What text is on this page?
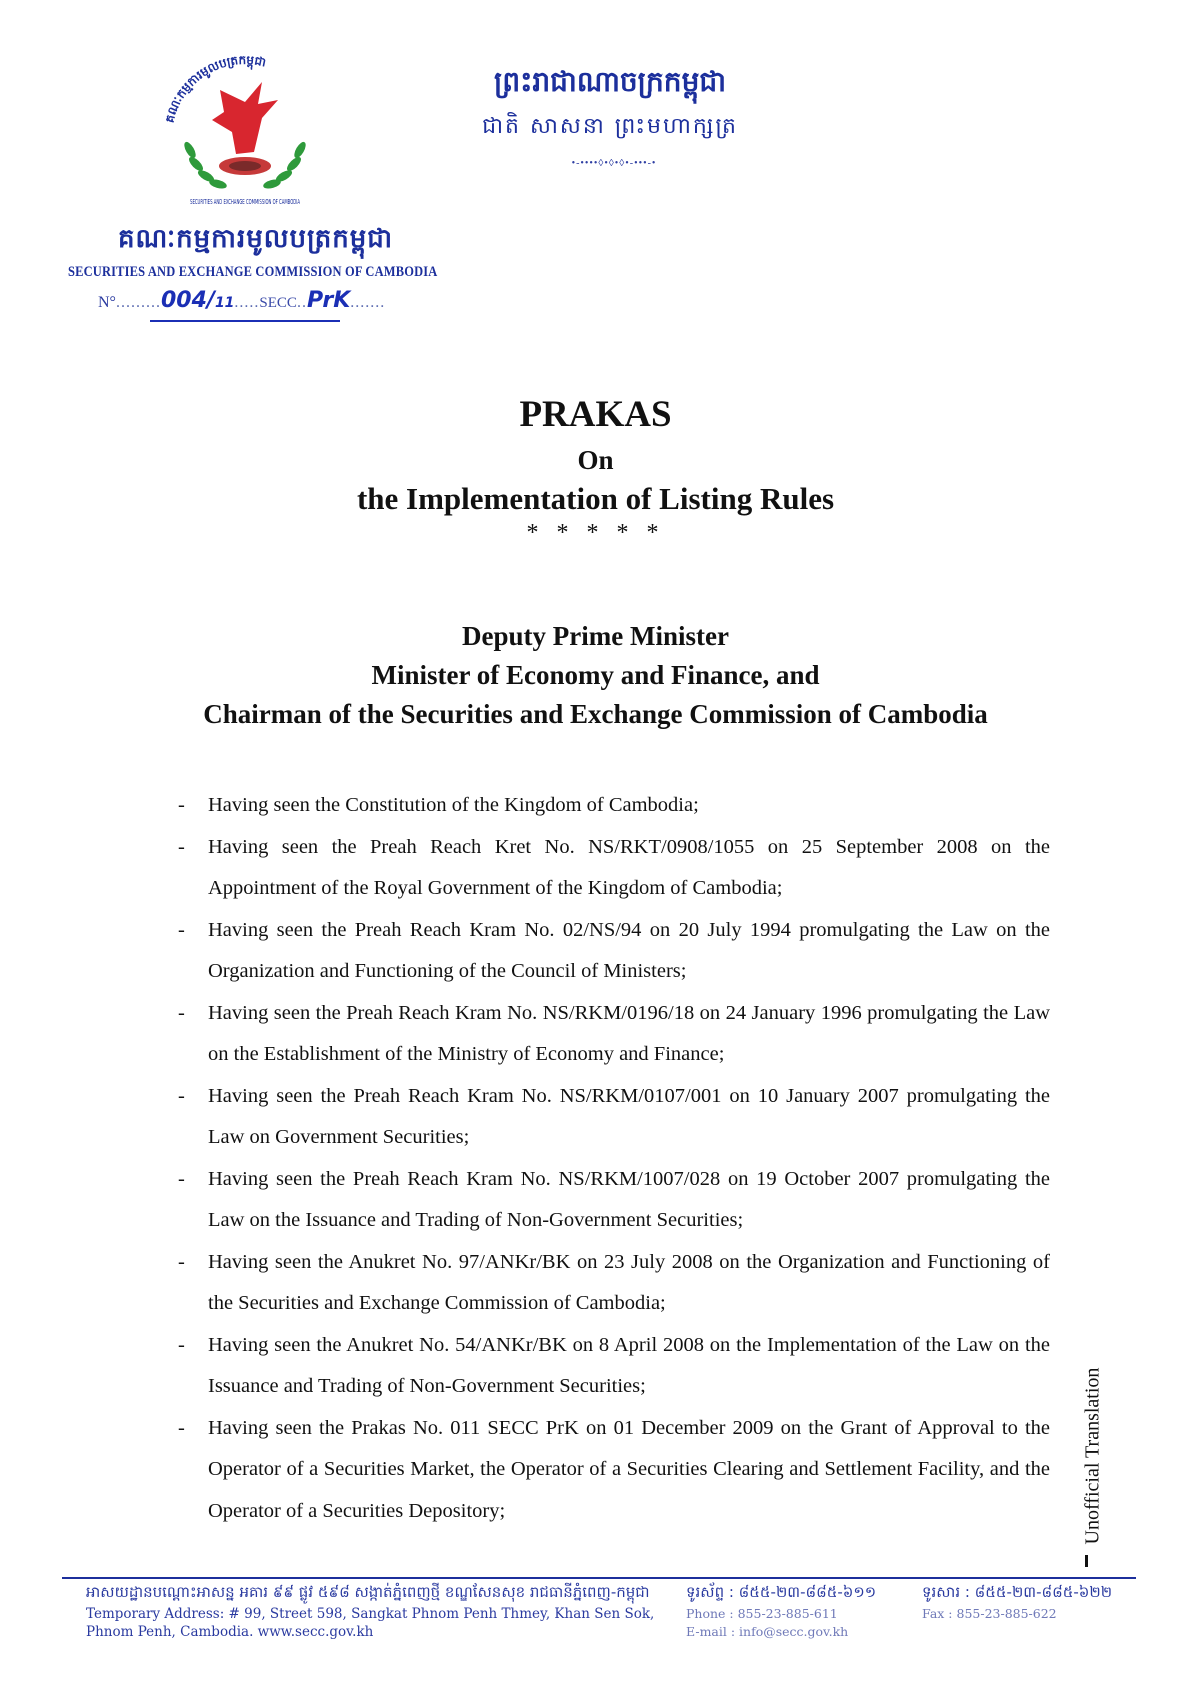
គណៈកម្មការមូលបត្រកម្ពុជា
SECURITIES AND EXCHANGE COMMISSION OF CAMBODIA
គណៈកម្មការមូលបត្រកម្ពុជា
SECURITIES AND EXCHANGE COMMISSION OF CAMBODIA
N°.........004/11.....SECC..PrK.......
ព្រះរាជាណាចក្រកម្ពុជា
ជាតិ សាសនា ព្រះមហាក្សត្រ
•-••••◊•◊•◊•-•••-•
PRAKAS
On
the Implementation of Listing Rules
* * * * *
Deputy Prime Minister
Minister of Economy and Finance, and
Chairman of the Securities and Exchange Commission of Cambodia
- Having seen the Constitution of the Kingdom of Cambodia;
- Having seen the Preah Reach Kret No. NS/RKT/0908/1055 on 25 September 2008 on the Appointment of the Royal Government of the Kingdom of Cambodia;
- Having seen the Preah Reach Kram No. 02/NS/94 on 20 July 1994 promulgating the Law on the Organization and Functioning of the Council of Ministers;
- Having seen the Preah Reach Kram No. NS/RKM/0196/18 on 24 January 1996 promulgating the Law on the Establishment of the Ministry of Economy and Finance;
- Having seen the Preah Reach Kram No. NS/RKM/0107/001 on 10 January 2007 promulgating the Law on Government Securities;
- Having seen the Preah Reach Kram No. NS/RKM/1007/028 on 19 October 2007 promulgating the Law on the Issuance and Trading of Non-Government Securities;
- Having seen the Anukret No. 97/ANKr/BK on 23 July 2008 on the Organization and Functioning of the Securities and Exchange Commission of Cambodia;
- Having seen the Anukret No. 54/ANKr/BK on 8 April 2008 on the Implementation of the Law on the Issuance and Trading of Non-Government Securities;
- Having seen the Prakas No. 011 SECC PrK on 01 December 2009 on the Grant of Approval to the Operator of a Securities Market, the Operator of a Securities Clearing and Settlement Facility, and the Operator of a Securities Depository;	Unofficial Translation
អាសយដ្ឋានបណ្តោះអាសន្ន អគារ ៩៩ ផ្លូវ ៥៩៨ សង្កាត់ភ្នំពេញថ្មី ខណ្ឌសែនសុខ រាជធានីភ្នំពេញ-កម្ពុជា
Temporary Address: # 99, Street 598, Sangkat Phnom Penh Thmey, Khan Sen Sok,
Phnom Penh, Cambodia. www.secc.gov.kh
ទូរស័ព្ទ : ៨៥៥-២៣-៨៨៥-៦១១
Phone : 855-23-885-611
E-mail : info@secc.gov.kh
ទូរសារ : ៨៥៥-២៣-៨៨៥-៦២២
Fax : 855-23-885-622
